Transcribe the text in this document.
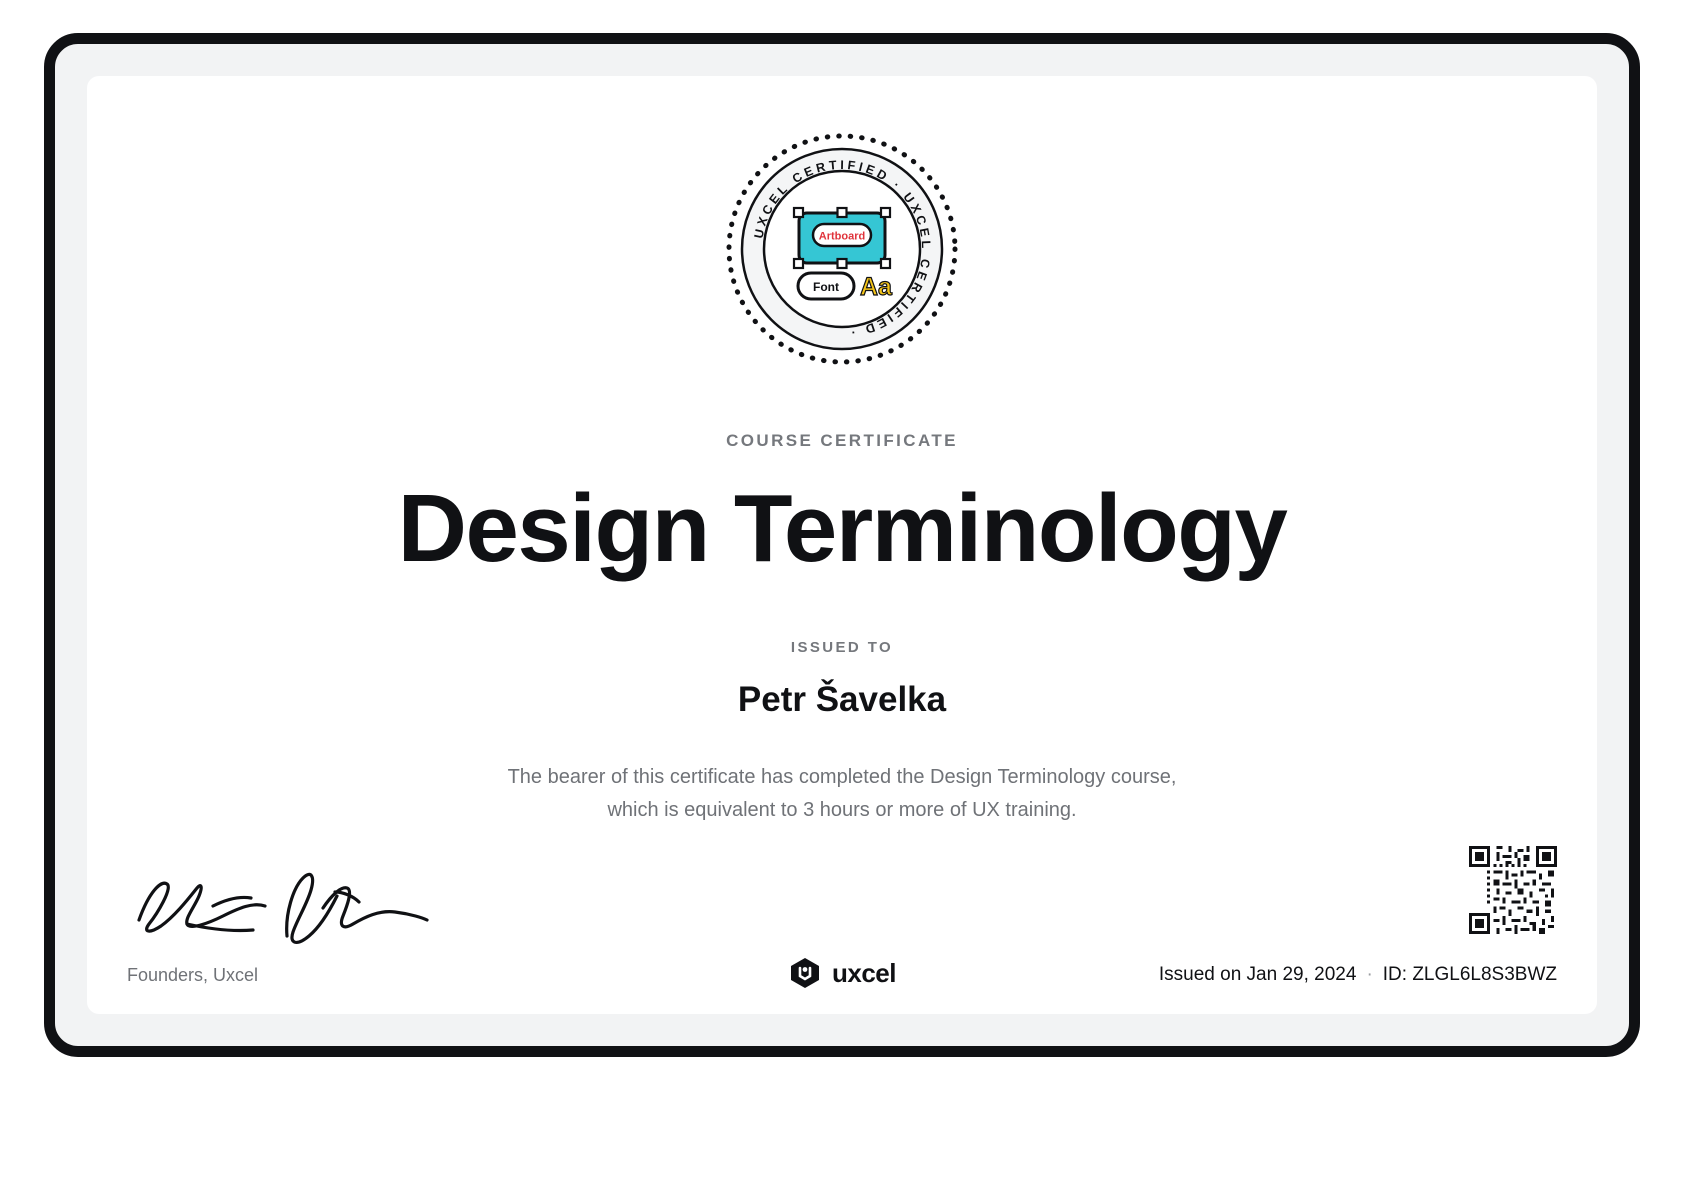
UXCEL CERTIFIED · UXCEL CERTIFIED ·
Artboard
Font Aa
COURSE CERTIFICATE
Design Terminology
ISSUED TO
Petr Šavelka
The bearer of this certificate has completed the Design Terminology course,
which is equivalent to 3 hours or more of UX training.
Founders, Uxcel	uxcel	Issued on Jan 29, 2024 · ID: ZLGL6L8S3BWZ
